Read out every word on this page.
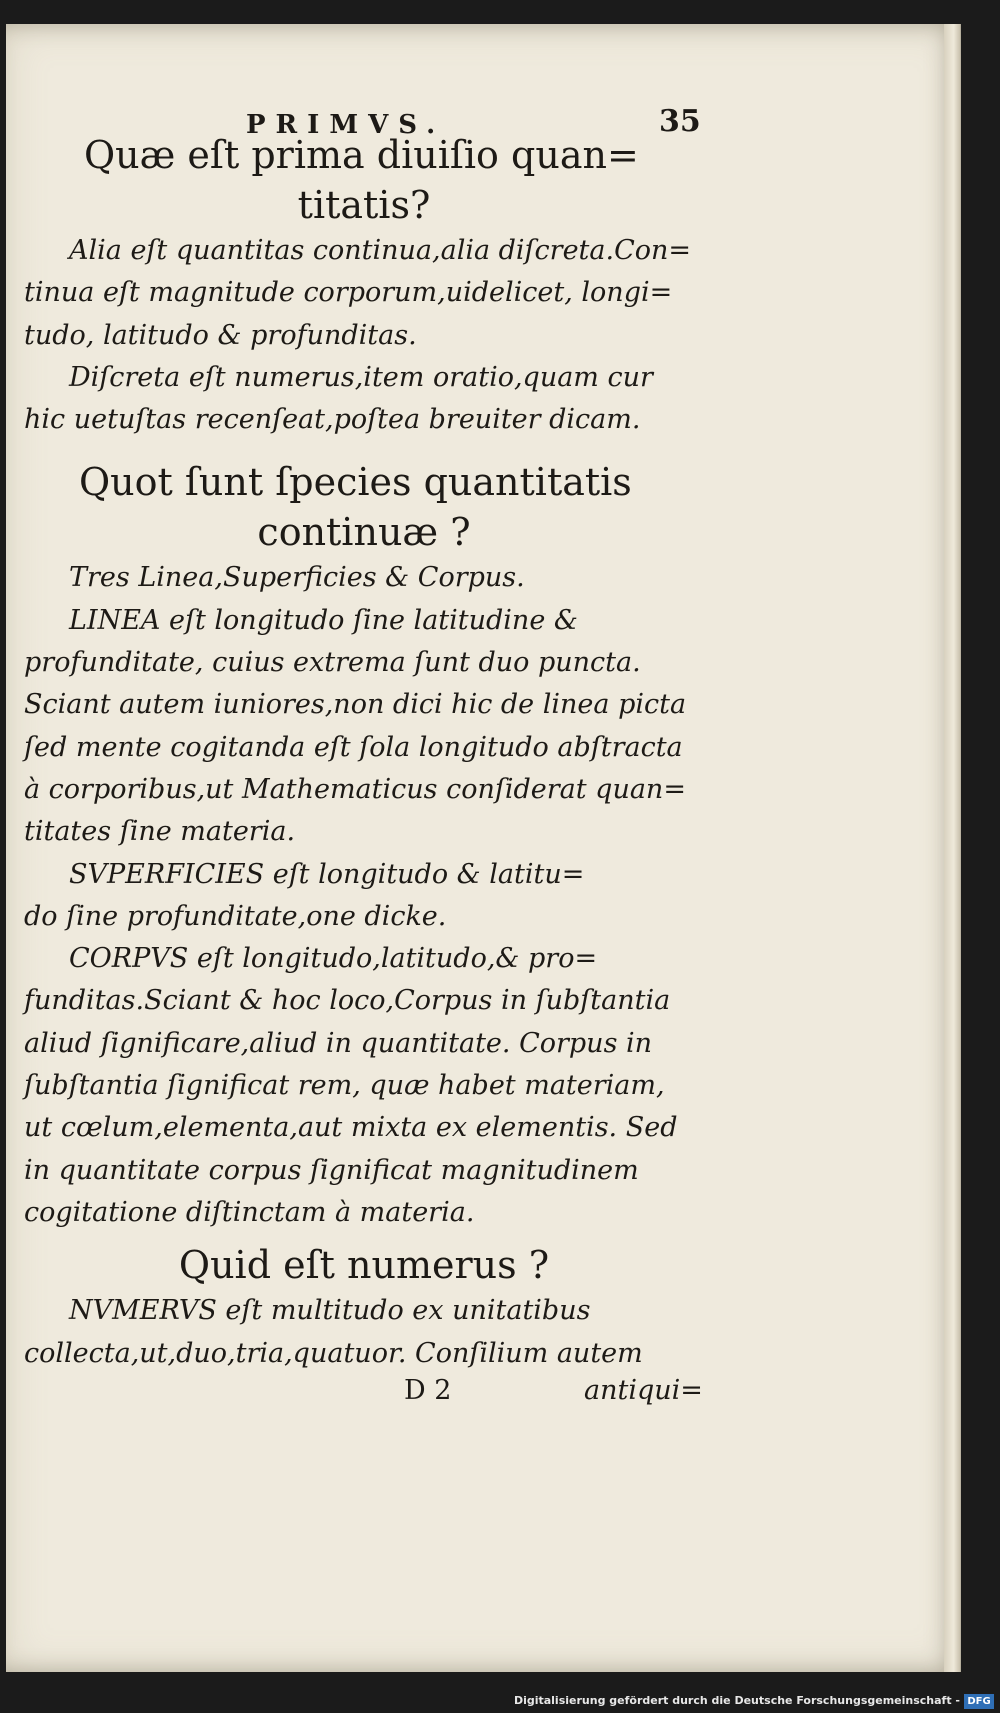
PRIMVS.	35

Quæ eſt prima diuiſio quan=

titatis?

Alia eſt quantitas continua,alia diſcreta.Con=
tinua eſt magnitude corporum,uidelicet, longi=
tudo, latitudo & profunditas.

Diſcreta eſt numerus,item oratio,quam cur
hic uetuſtas recenſeat,poſtea breuiter dicam.

Quot ſunt ſpecies quantitatis

continuæ ?

Tres Linea,Superficies & Corpus.

LINEA eſt longitudo ſine latitudine &
profunditate, cuius extrema ſunt duo puncta.
Sciant autem iuniores,non dici hic de linea picta
ſed mente cogitanda eſt ſola longitudo abſtracta
à corporibus,ut Mathematicus conſiderat quan=
titates ſine materia.

SVPERFICIES eſt longitudo & latitu=
do ſine profunditate,one dicke.

CORPVS eſt longitudo,latitudo,& pro=
funditas.Sciant & hoc loco,Corpus in ſubſtantia
aliud ſignificare,aliud in quantitate. Corpus in
ſubſtantia ſignificat rem, quæ habet materiam,
ut cœlum,elementa,aut mixta ex elementis. Sed
in quantitate corpus ſignificat magnitudinem
cogitatione diſtinctam à materia.

Quid eſt numerus ?

NVMERVS eſt multitudo ex unitatibus
collecta,ut,duo,tria,quatuor. Conſilium autem

D 2	antiqui=
Digitalisierung gefördert durch die Deutsche Forschungsgemeinschaft - DFG
